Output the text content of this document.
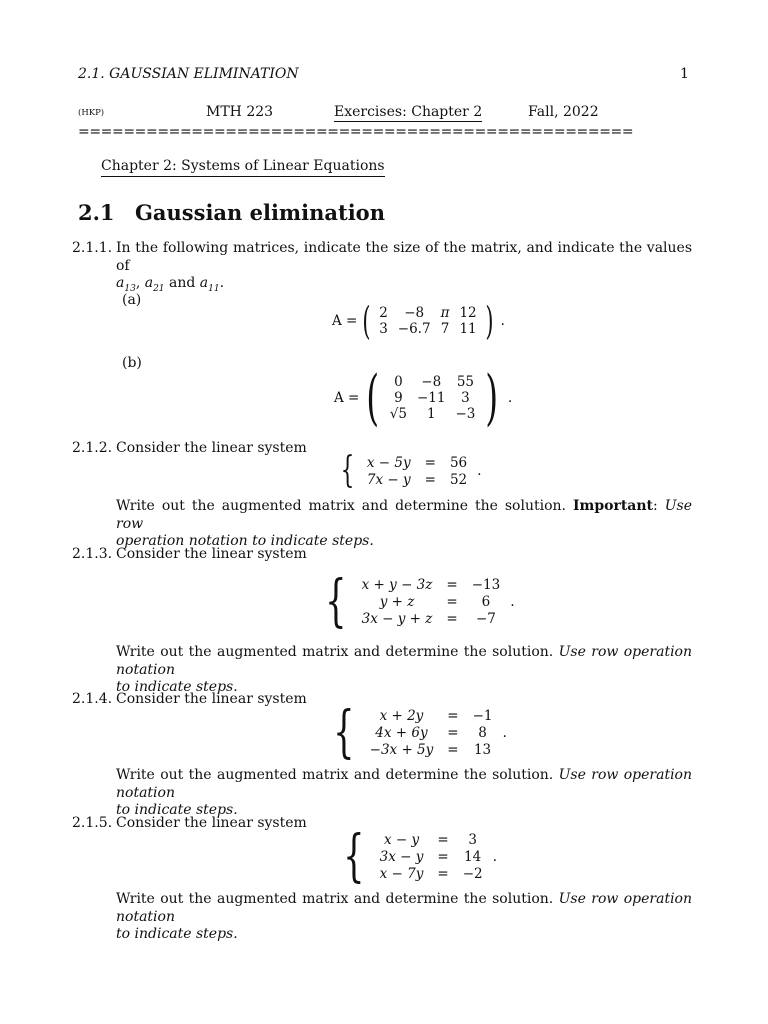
2.1. GAUSSIAN ELIMINATION	1
(HKP)	MTH 223	Exercises: Chapter 2	Fall, 2022
=================================================
Chapter 2: Systems of Linear Equations
2.1 Gaussian elimination
2.1.1. In the following matrices, indicate the size of the matrix, and indicate the values of
$a_{13}$, $a_{21}$ and $a_{11}$.
(a)
A = ( 2	−8	π	12
3	−6.7	7	11 ) .
(b)
A = ( 0	−8	55
9	−11	3
√5	1	−3 ) .
2.1.2. Consider the linear system
{ x − 5y	=	56
7x − y	=	52
.
Write out the augmented matrix and determine the solution. Important: Use row
operation notation to indicate steps.
2.1.3. Consider the linear system
{ x + y − 3z	=	−13
y + z	=	6
3x − y + z	=	−7
.
Write out the augmented matrix and determine the solution. Use row operation notation
to indicate steps.
2.1.4. Consider the linear system
{ x + 2y	=	−1
4x + 6y	=	8
−3x + 5y	=	13
.
Write out the augmented matrix and determine the solution. Use row operation notation
to indicate steps.
2.1.5. Consider the linear system
{ x − y	=	3
3x − y	=	14
x − 7y	=	−2
.
Write out the augmented matrix and determine the solution. Use row operation notation
to indicate steps.
